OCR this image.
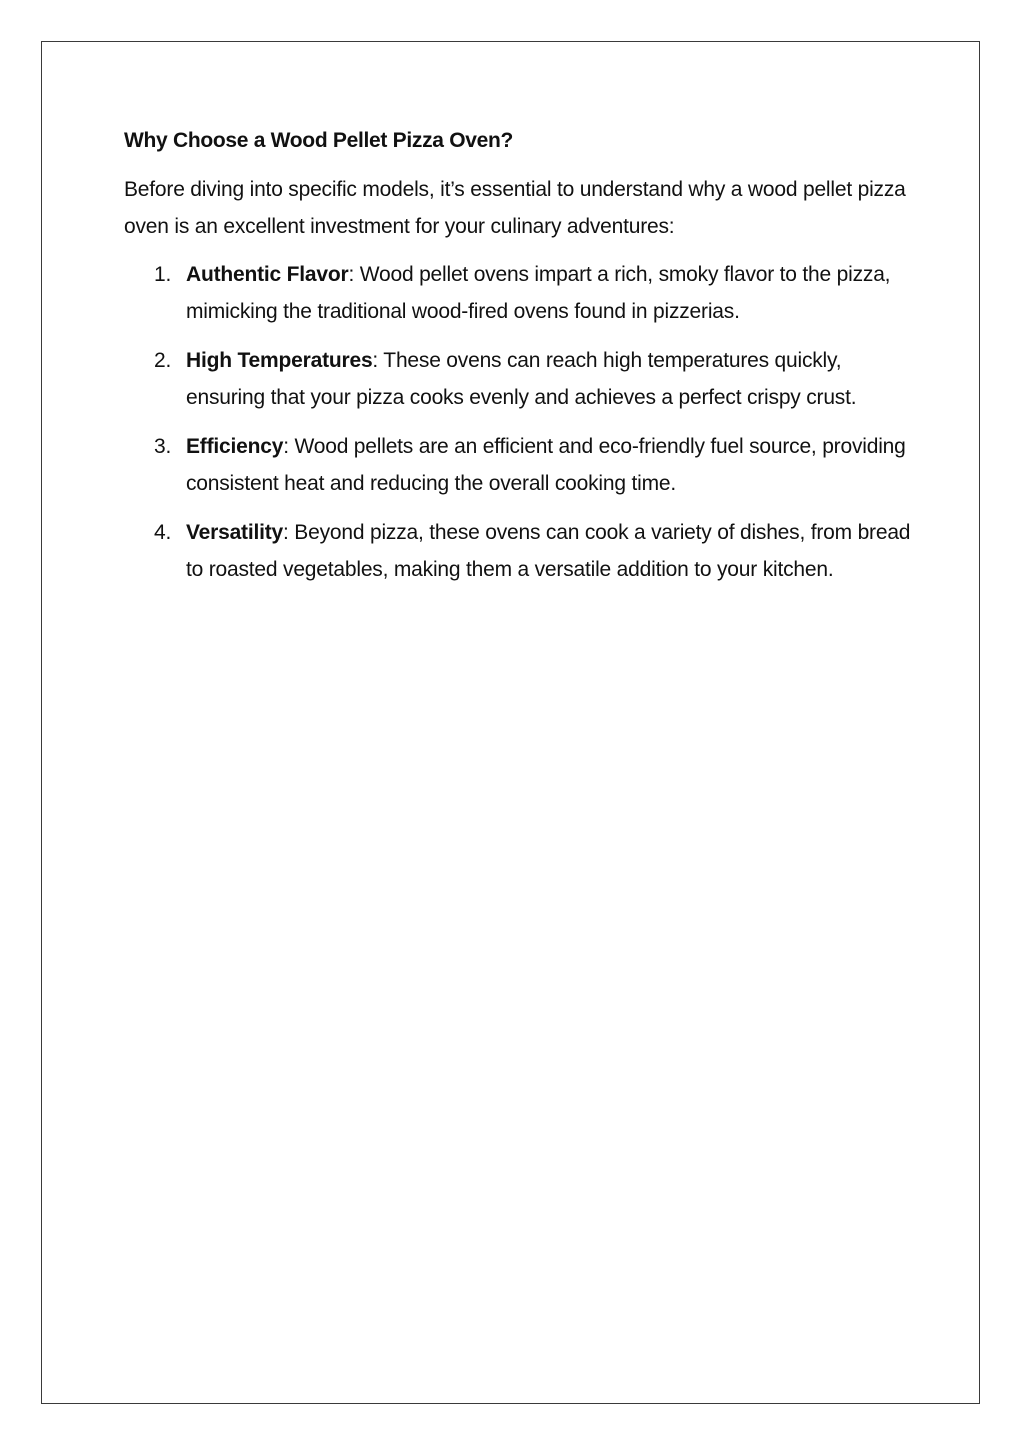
Why Choose a Wood Pellet Pizza Oven?

Before diving into specific models, it’s essential to understand why a wood pellet pizza oven is an excellent investment for your culinary adventures:

1. Authentic Flavor: Wood pellet ovens impart a rich, smoky flavor to the pizza, mimicking the traditional wood-fired ovens found in pizzerias.
2. High Temperatures: These ovens can reach high temperatures quickly, ensuring that your pizza cooks evenly and achieves a perfect crispy crust.
3. Efficiency: Wood pellets are an efficient and eco-friendly fuel source, providing consistent heat and reducing the overall cooking time.
4. Versatility: Beyond pizza, these ovens can cook a variety of dishes, from bread to roasted vegetables, making them a versatile addition to your kitchen.
